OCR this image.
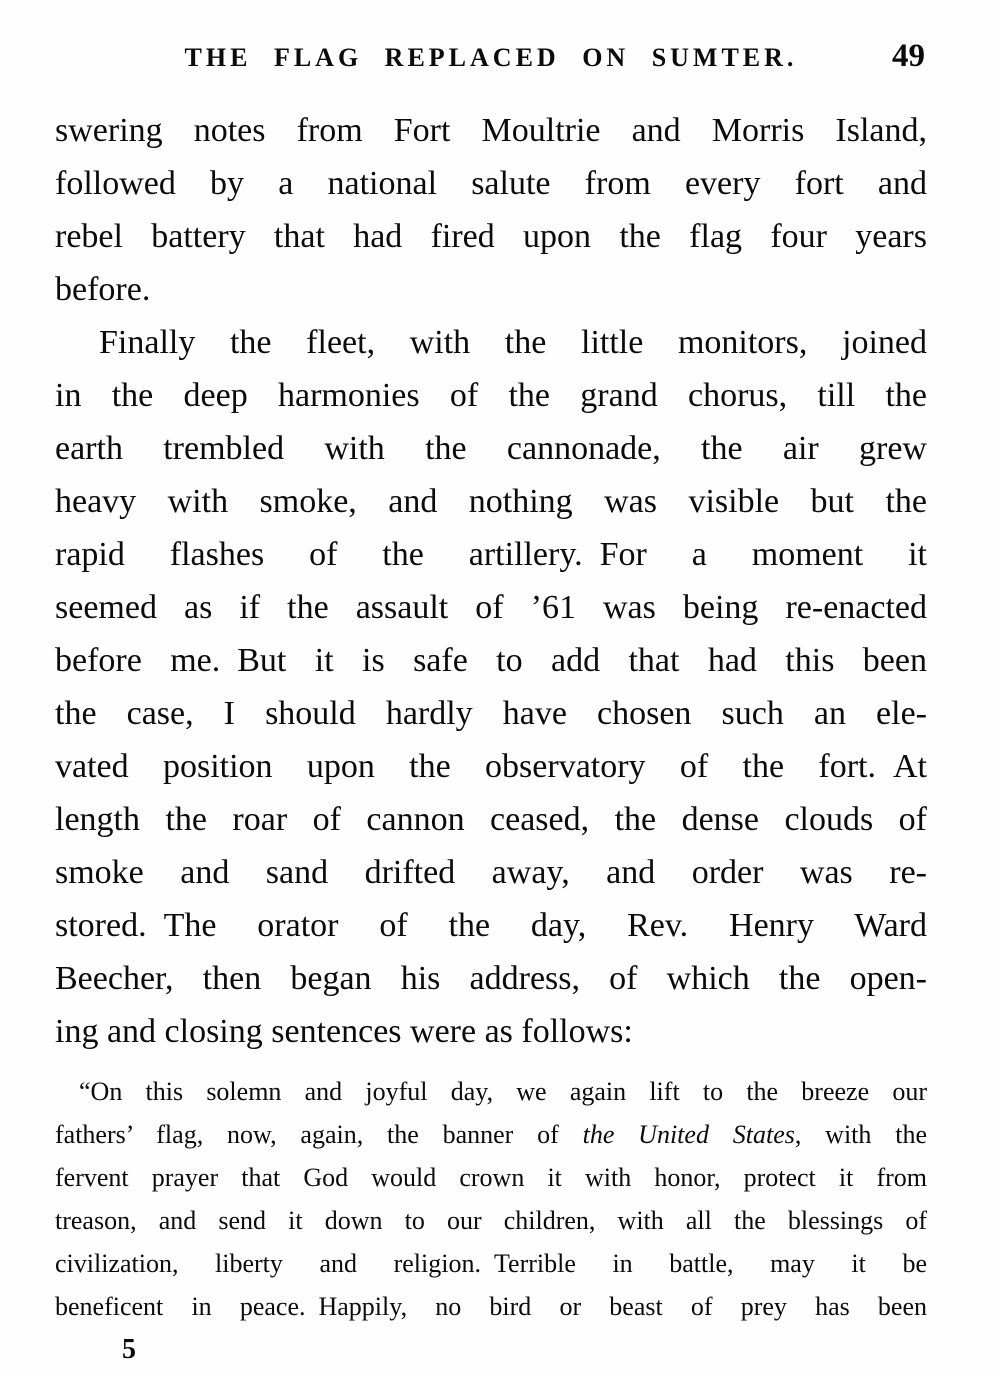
THE FLAG REPLACED ON SUMTER.	49

swering notes from Fort Moultrie and Morris Island,
followed by a national salute from every fort and
rebel battery that had fired upon the flag four years
before.

Finally the fleet, with the little monitors, joined
in the deep harmonies of the grand chorus, till the
earth trembled with the cannonade, the air grew
heavy with smoke, and nothing was visible but the
rapid flashes of the artillery. For a moment it
seemed as if the assault of ’61 was being re-enacted
before me. But it is safe to add that had this been
the case, I should hardly have chosen such an ele-
vated position upon the observatory of the fort. At
length the roar of cannon ceased, the dense clouds of
smoke and sand drifted away, and order was re-
stored. The orator of the day, Rev. Henry Ward
Beecher, then began his address, of which the open-
ing and closing sentences were as follows:

“On this solemn and joyful day, we again lift to the breeze our
fathers’ flag, now, again, the banner of the United States, with the
fervent prayer that God would crown it with honor, protect it from
treason, and send it down to our children, with all the blessings of
civilization, liberty and religion. Terrible in battle, may it be
beneficent in peace. Happily, no bird or beast of prey has been

5
